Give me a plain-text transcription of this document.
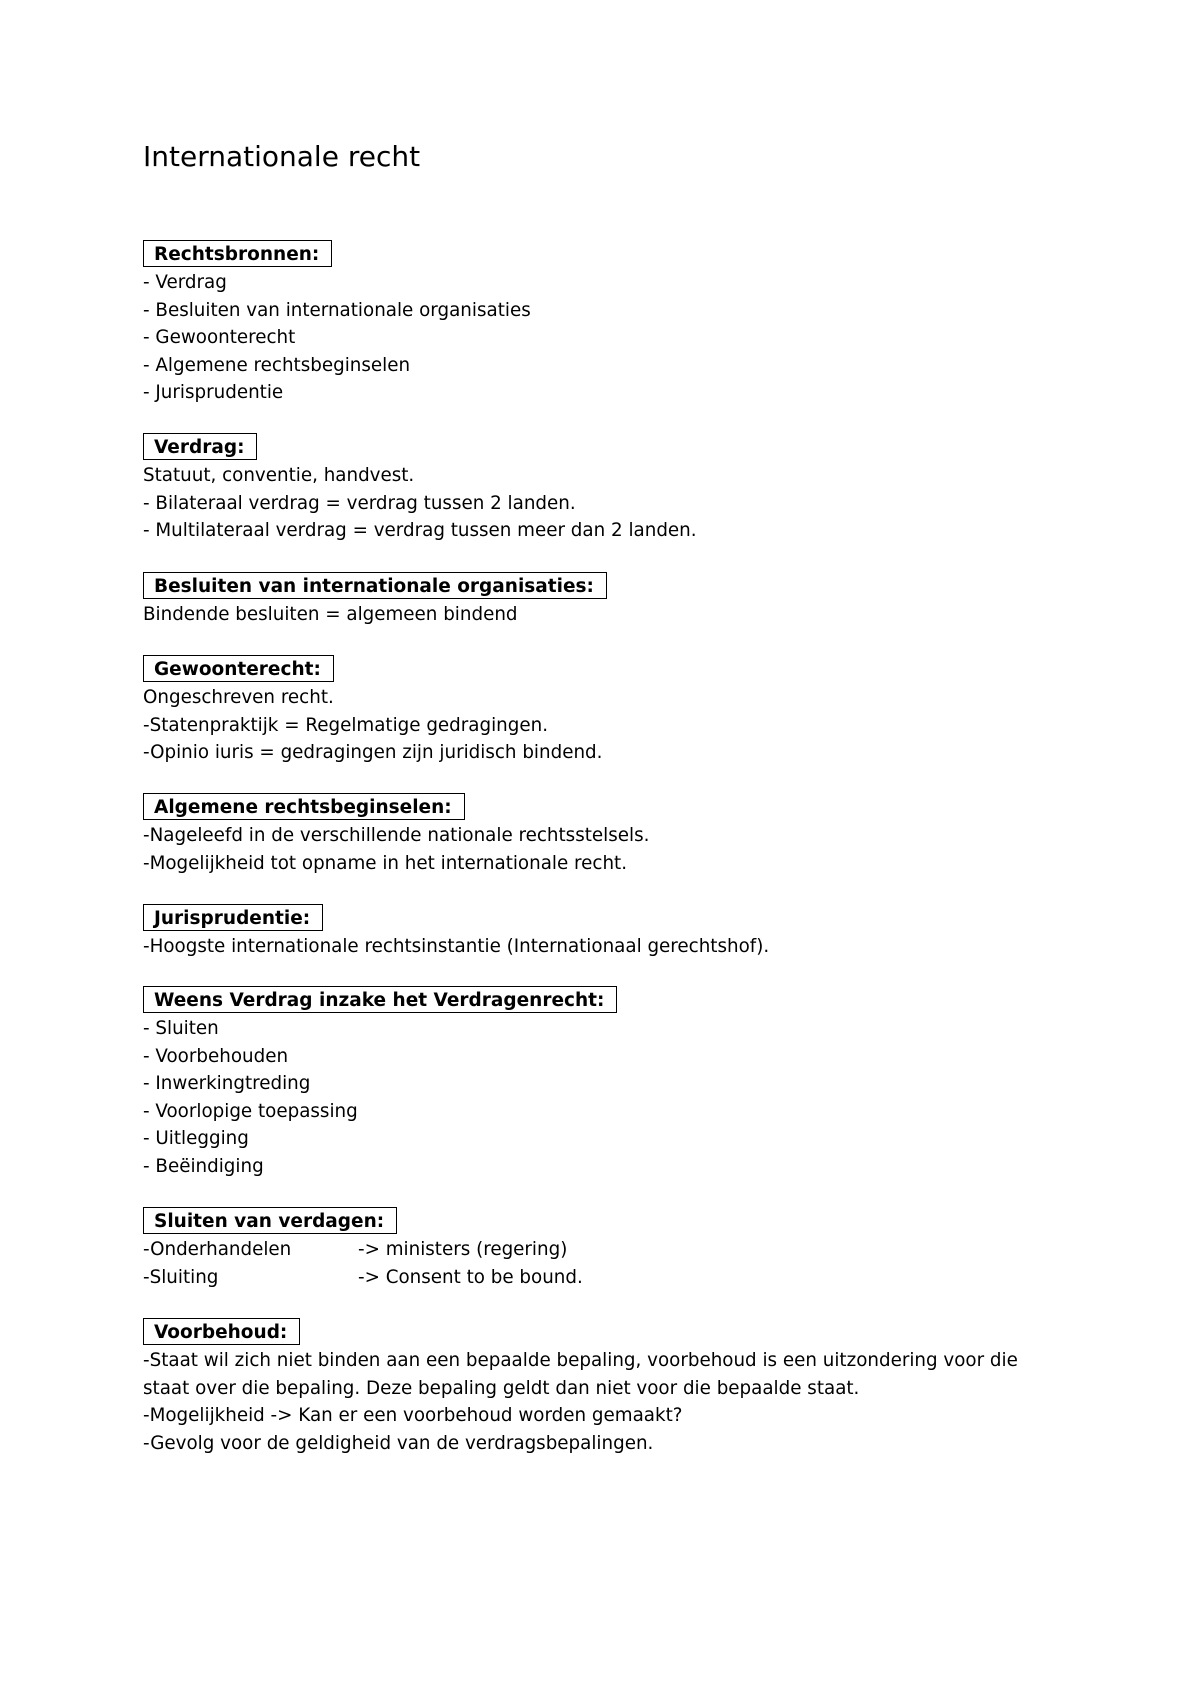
Internationale recht
Rechtsbronnen:
- Verdrag
- Besluiten van internationale organisaties
- Gewoonterecht
- Algemene rechtsbeginselen
- Jurisprudentie
Verdrag:
Statuut, conventie, handvest.
- Bilateraal verdrag = verdrag tussen 2 landen.
- Multilateraal verdrag = verdrag tussen meer dan 2 landen.
Besluiten van internationale organisaties:
Bindende besluiten = algemeen bindend
Gewoonterecht:
Ongeschreven recht.
-Statenpraktijk = Regelmatige gedragingen.
-Opinio iuris = gedragingen zijn juridisch bindend.
Algemene rechtsbeginselen:
-Nageleefd in de verschillende nationale rechtsstelsels.
-Mogelijkheid tot opname in het internationale recht.
Jurisprudentie:
-Hoogste internationale rechtsinstantie (Internationaal gerechtshof).
Weens Verdrag inzake het Verdragenrecht:
- Sluiten
- Voorbehouden
- Inwerkingtreding
- Voorlopige toepassing
- Uitlegging
- Beëindiging
Sluiten van verdagen:
-Onderhandelen	-> ministers (regering)
-Sluiting	-> Consent to be bound.
Voorbehoud:
-Staat wil zich niet binden aan een bepaalde bepaling, voorbehoud is een uitzondering voor die staat over die bepaling. Deze bepaling geldt dan niet voor die bepaalde staat.
-Mogelijkheid -> Kan er een voorbehoud worden gemaakt?
-Gevolg voor de geldigheid van de verdragsbepalingen.
